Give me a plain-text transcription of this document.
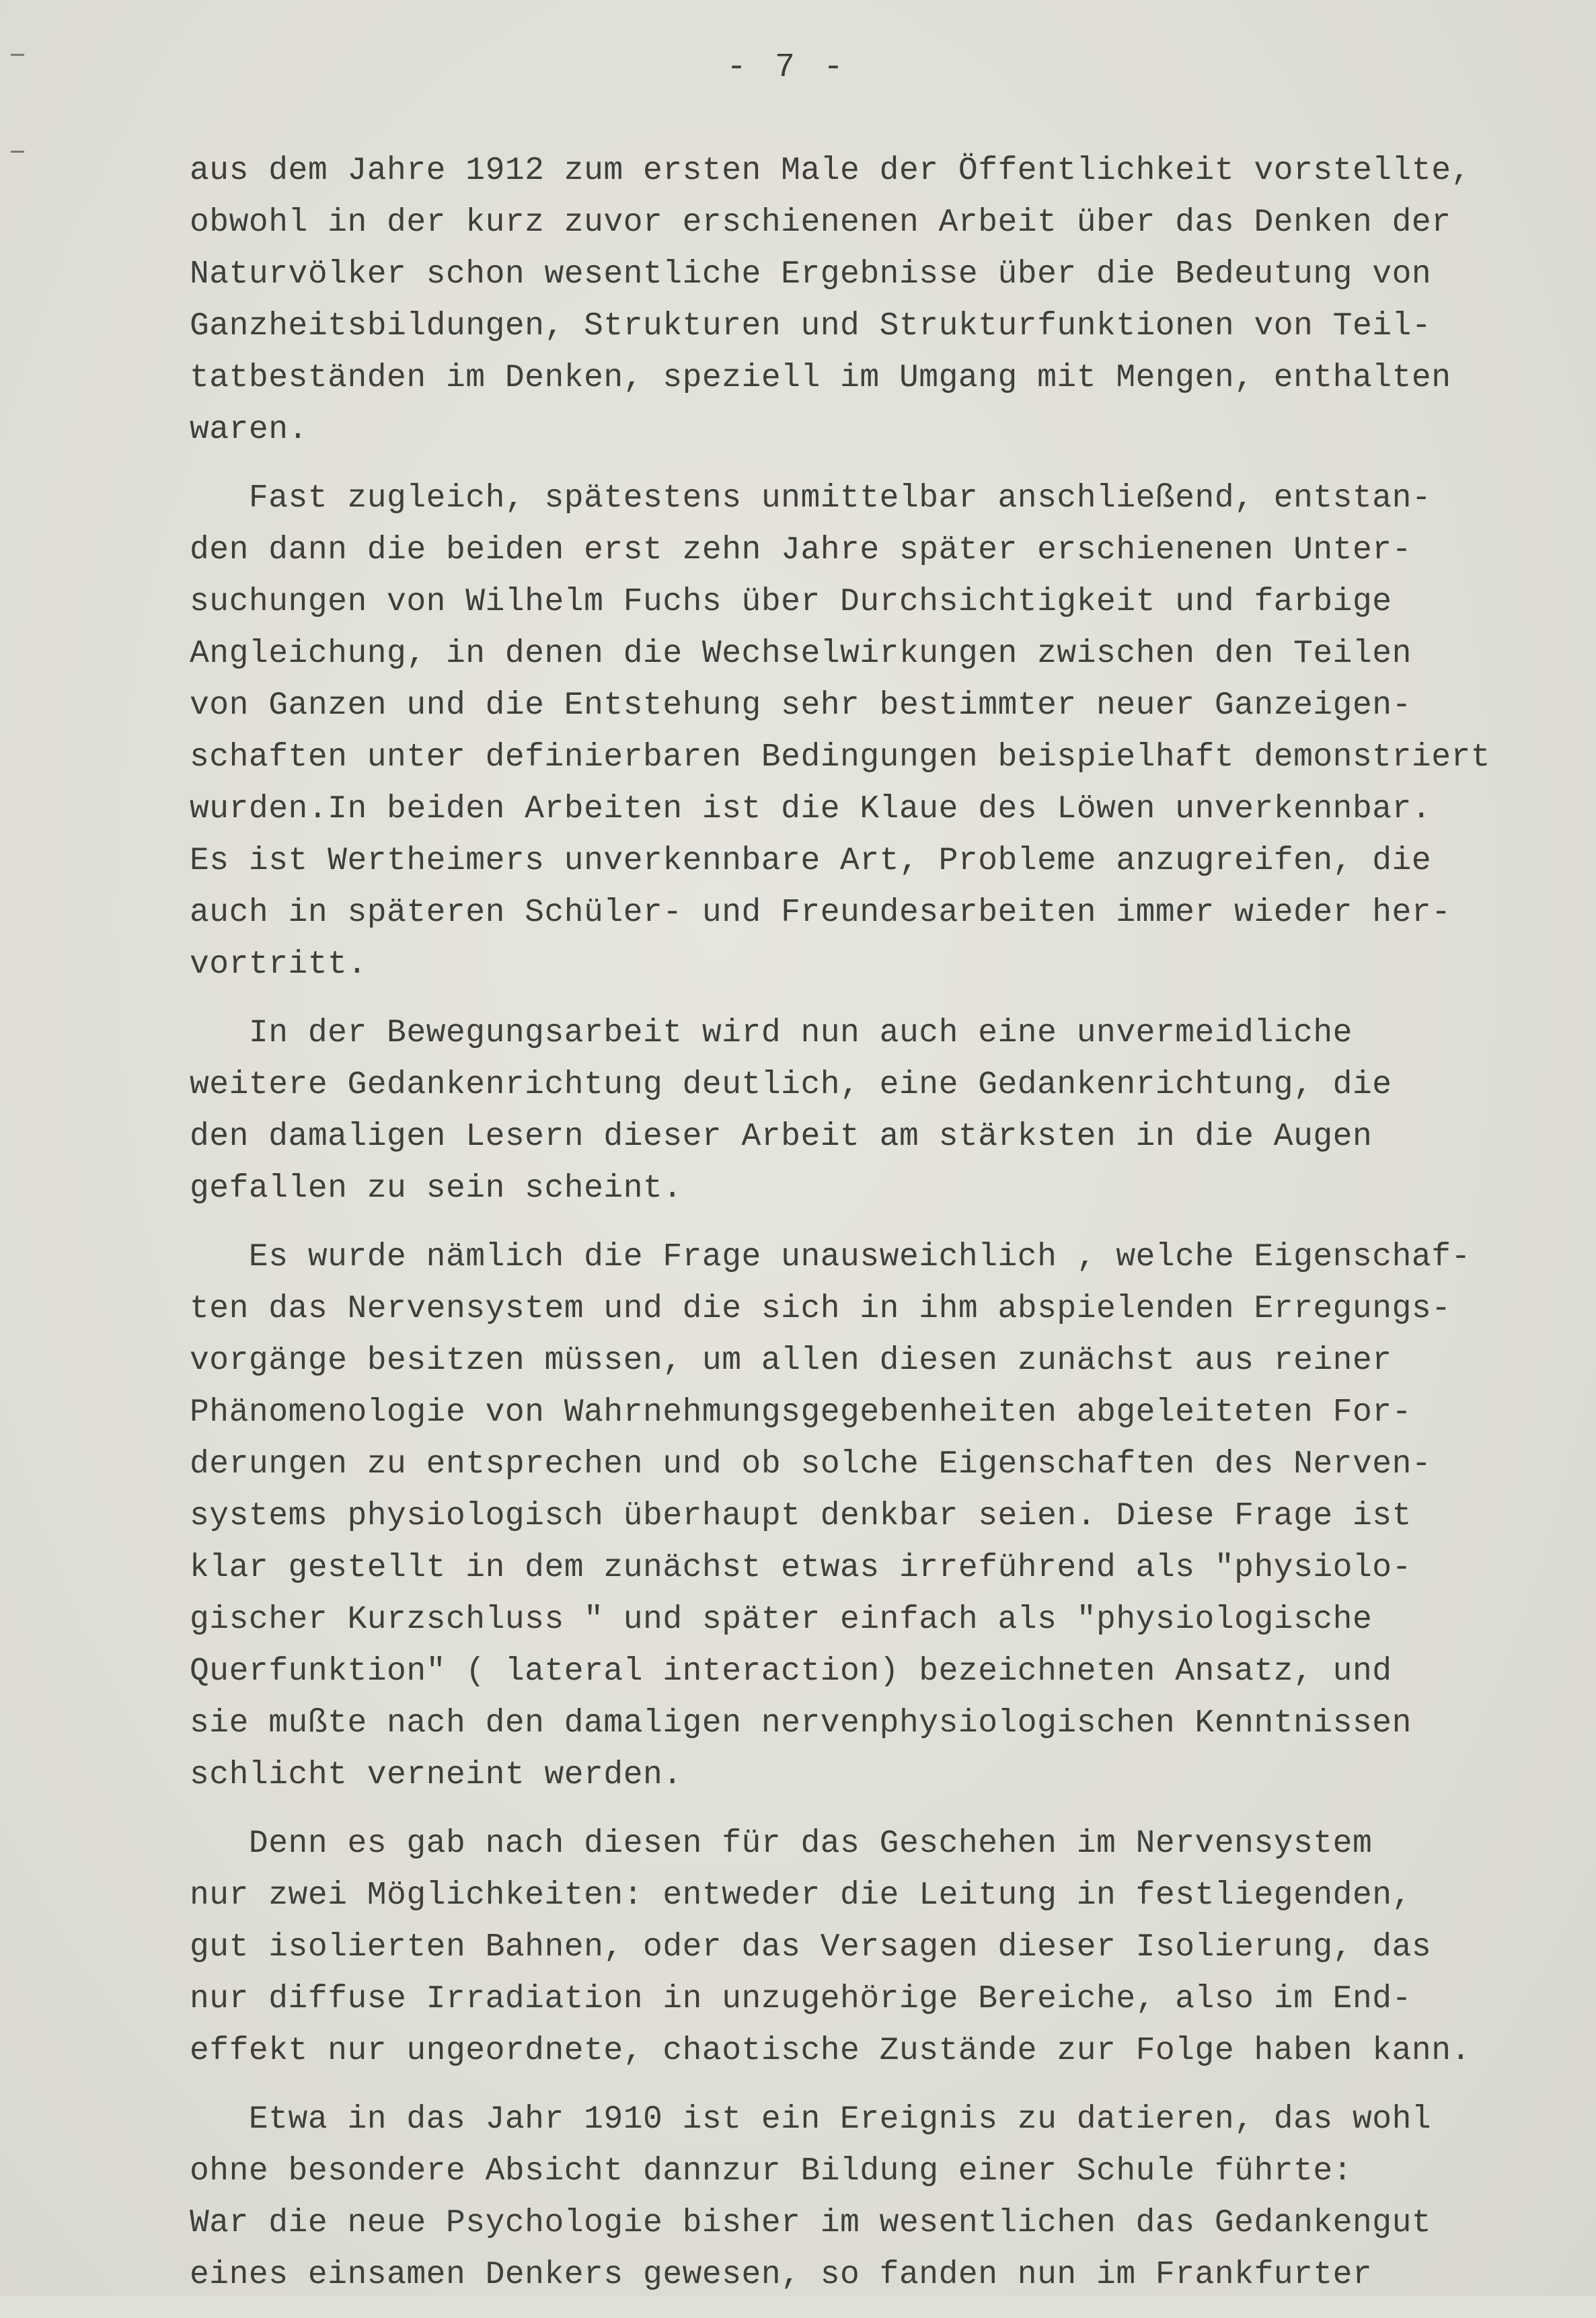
- 7 -
aus dem Jahre 1912 zum ersten Male der Öffentlichkeit vorstellte,
obwohl in der kurz zuvor erschienenen Arbeit über das Denken der
Naturvölker schon wesentliche Ergebnisse über die Bedeutung von
Ganzheitsbildungen, Strukturen und Strukturfunktionen von Teil-
tatbeständen im Denken, speziell im Umgang mit Mengen, enthalten
waren.
Fast zugleich, spätestens unmittelbar anschließend, entstan-
den dann die beiden erst zehn Jahre später erschienenen Unter-
suchungen von Wilhelm Fuchs über Durchsichtigkeit und farbige
Angleichung, in denen die Wechselwirkungen zwischen den Teilen
von Ganzen und die Entstehung sehr bestimmter neuer Ganzeigen-
schaften unter definierbaren Bedingungen beispielhaft demonstriert
wurden.In beiden Arbeiten ist die Klaue des Löwen unverkennbar.
Es ist Wertheimers unverkennbare Art, Probleme anzugreifen, die
auch in späteren Schüler- und Freundesarbeiten immer wieder her-
vortritt.
In der Bewegungsarbeit wird nun auch eine unvermeidliche
weitere Gedankenrichtung deutlich, eine Gedankenrichtung, die
den damaligen Lesern dieser Arbeit am stärksten in die Augen
gefallen zu sein scheint.
Es wurde nämlich die Frage unausweichlich , welche Eigenschaf-
ten das Nervensystem und die sich in ihm abspielenden Erregungs-
vorgänge besitzen müssen, um allen diesen zunächst aus reiner
Phänomenologie von Wahrnehmungsgegebenheiten abgeleiteten For-
derungen zu entsprechen und ob solche Eigenschaften des Nerven-
systems physiologisch überhaupt denkbar seien. Diese Frage ist
klar gestellt in dem zunächst etwas irreführend als "physiolo-
gischer Kurzschluss " und später einfach als "physiologische
Querfunktion" ( lateral interaction) bezeichneten Ansatz, und
sie mußte nach den damaligen nervenphysiologischen Kenntnissen
schlicht verneint werden.
Denn es gab nach diesen für das Geschehen im Nervensystem
nur zwei Möglichkeiten: entweder die Leitung in festliegenden,
gut isolierten Bahnen, oder das Versagen dieser Isolierung, das
nur diffuse Irradiation in unzugehörige Bereiche, also im End-
effekt nur ungeordnete, chaotische Zustände zur Folge haben kann.
Etwa in das Jahr 1910 ist ein Ereignis zu datieren, das wohl
ohne besondere Absicht dannzur Bildung einer Schule führte:
War die neue Psychologie bisher im wesentlichen das Gedankengut
eines einsamen Denkers gewesen, so fanden nun im Frankfurter
